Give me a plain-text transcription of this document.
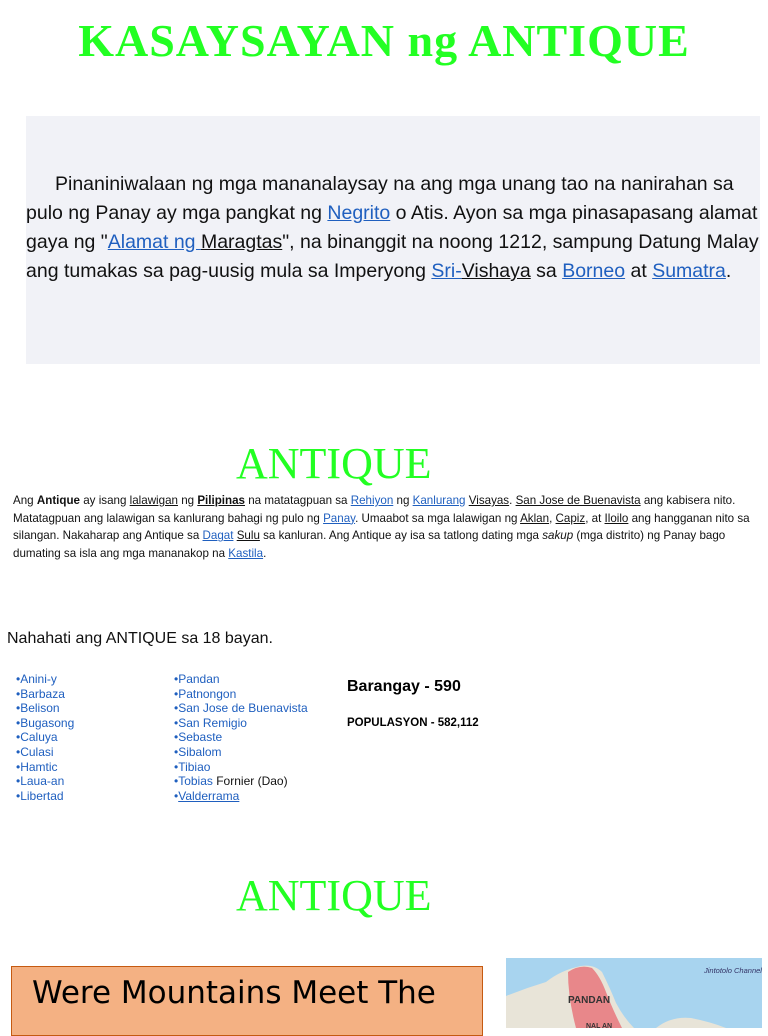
KASAYSAYAN ng ANTIQUE
Pinaniniwalaan ng mga mananalaysay na ang mga unang tao na nanirahan sa pulo ng Panay ay mga pangkat ng Negrito o Atis. Ayon sa mga pinasapasang alamat gaya ng "Alamat ng Maragtas", na binanggit na noong 1212, sampung Datung Malay ang tumakas sa pag-uusig mula sa Imperyong Sri-Vishaya sa Borneo at Sumatra.
ANTIQUE
Ang Antique ay isang lalawigan ng Pilipinas na matatagpuan sa Rehiyon ng Kanlurang Visayas. San Jose de Buenavista ang kabisera nito. Matatagpuan ang lalawigan sa kanlurang bahagi ng pulo ng Panay. Umaabot sa mga lalawigan ng Aklan, Capiz, at Iloilo ang hangganan nito sa silangan. Nakaharap ang Antique sa Dagat Sulu sa kanluran. Ang Antique ay isa sa tatlong dating mga sakup (mga distrito) ng Panay bago dumating sa isla ang mga mananakop na Kastila.
Nahahati ang ANTIQUE sa 18 bayan.
•Anini-y
•Barbaza
•Belison
•Bugasong
•Caluya
•Culasi
•Hamtic
•Laua-an
•Libertad
•Pandan
•Patnongon
•San Jose de Buenavista
•San Remigio
•Sebaste
•Sibalom
•Tibiao
•Tobias Fornier (Dao)
•Valderrama
Barangay - 590
POPULASYON - 582,112
ANTIQUE
Were Mountains Meet The	PANDAN
Jintotolo Channel
NAL AN
